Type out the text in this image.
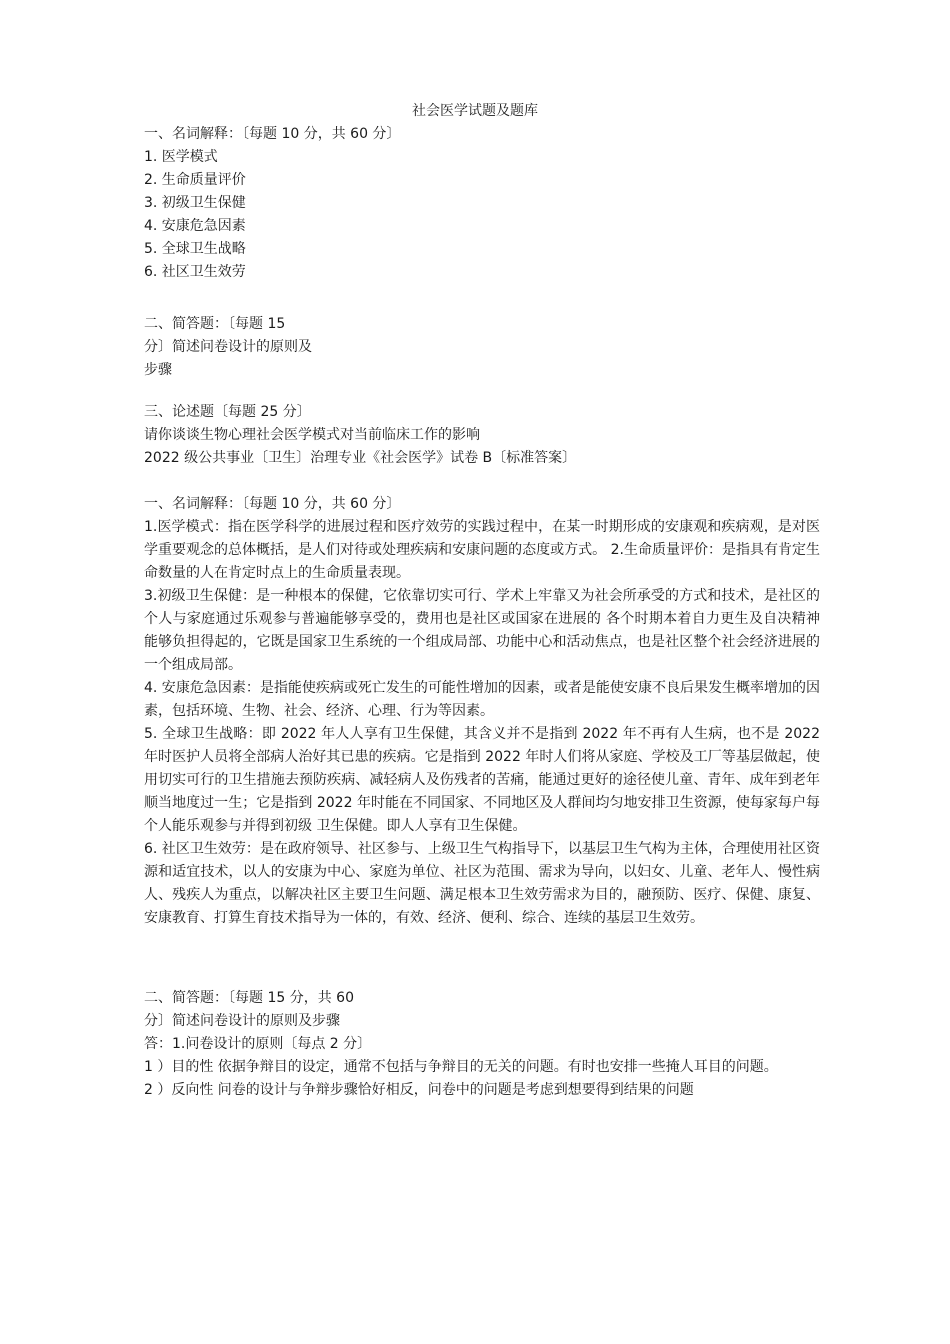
社会医学试题及题库
一、名词解释：〔每题 10 分，共 60 分〕
1. 医学模式
2. 生命质量评价
3. 初级卫生保健
4. 安康危急因素
5. 全球卫生战略
6. 社区卫生效劳
二、简答题：〔每题 15
分〕简述问卷设计的原则及
步骤
三、论述题〔每题 25 分〕
请你谈谈生物心理社会医学模式对当前临床工作的影响
2022 级公共事业〔卫生〕治理专业《社会医学》试卷 B〔标准答案〕
一、名词解释：〔每题 10 分，共 60 分〕
1.医学模式：指在医学科学的进展过程和医疗效劳的实践过程中，在某一时期形成的安康观和疾病观，是对医学重要观念的总体概括，是人们对待或处理疾病和安康问题的态度或方式。 2.生命质量评价：是指具有肯定生命数量的人在肯定时点上的生命质量表现。
3.初级卫生保健：是一种根本的保健，它依靠切实可行、学术上牢靠又为社会所承受的方式和技术，是社区的个人与家庭通过乐观参与普遍能够享受的，费用也是社区或国家在进展的 各个时期本着自力更生及自决精神能够负担得起的，它既是国家卫生系统的一个组成局部、功能中心和活动焦点，也是社区整个社会经济进展的一个组成局部。
4. 安康危急因素：是指能使疾病或死亡发生的可能性增加的因素，或者是能使安康不良后果发生概率增加的因素，包括环境、生物、社会、经济、心理、行为等因素。
5. 全球卫生战略：即 2022 年人人享有卫生保健，其含义并不是指到 2022 年不再有人生病，也不是 2022 年时医护人员将全部病人治好其已患的疾病。它是指到 2022 年时人们将从家庭、学校及工厂等基层做起，使用切实可行的卫生措施去预防疾病、减轻病人及伤残者的苦痛，能通过更好的途径使儿童、青年、成年到老年顺当地度过一生；它是指到 2022 年时能在不同国家、不同地区及人群间均匀地安排卫生资源，使每家每户每个人能乐观参与并得到初级 卫生保健。即人人享有卫生保健。
6. 社区卫生效劳：是在政府领导、社区参与、上级卫生气构指导下，以基层卫生气构为主体，合理使用社区资源和适宜技术，以人的安康为中心、家庭为单位、社区为范围、需求为导向，以妇女、儿童、老年人、慢性病人、残疾人为重点，以解决社区主要卫生问题、满足根本卫生效劳需求为目的，融预防、医疗、保健、康复、安康教育、打算生育技术指导为一体的，有效、经济、便利、综合、连续的基层卫生效劳。
二、简答题：〔每题 15 分，共 60
分〕简述问卷设计的原则及步骤
答：1.问卷设计的原则〔每点 2 分〕
1 ）目的性 依据争辩目的设定，通常不包括与争辩目的无关的问题。有时也安排一些掩人耳目的问题。
2 ）反向性 问卷的设计与争辩步骤恰好相反，问卷中的问题是考虑到想要得到结果的问题
